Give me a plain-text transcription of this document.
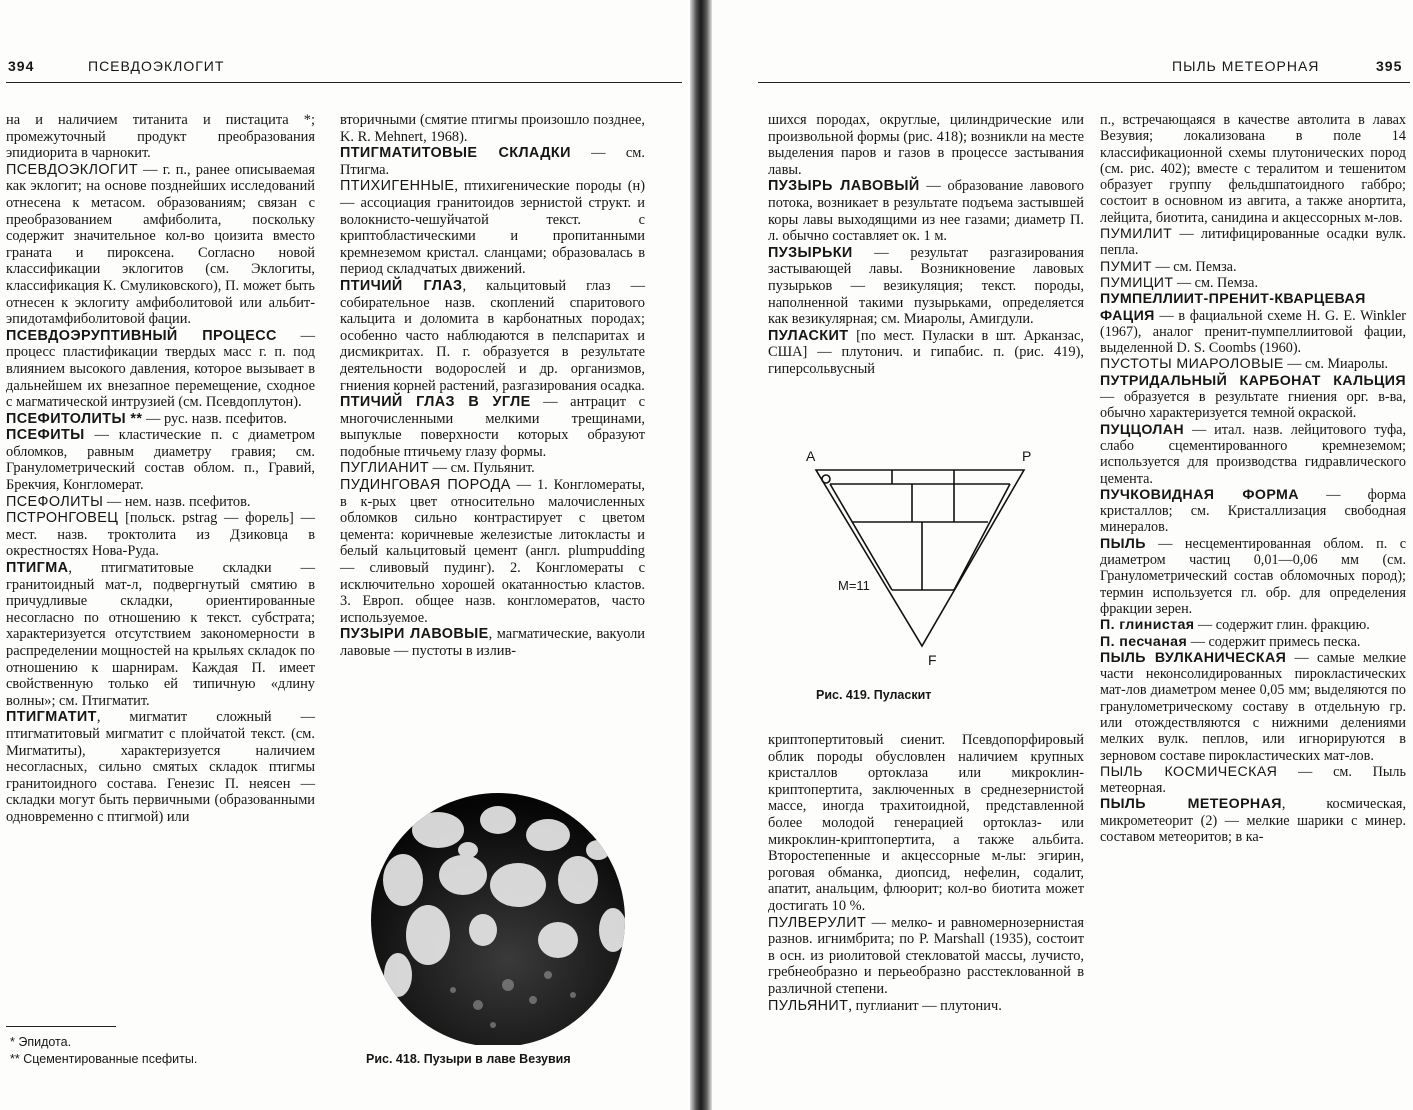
394	ПСЕВДОЭКЛОГИТ

на и наличием титанита и пистацита *; промежуточный продукт преобразования эпидиорита в чарнокит.

ПСЕВДОЭКЛОГИТ — г. п., ранее описываемая как эклогит; на основе позднейших исследований отнесена к метасом. образованиям; связан с преобразованием амфиболита, поскольку содержит значительное кол-во цоизита вместо граната и пироксена. Согласно новой классификации эклогитов (см. Эклогиты, классификация К. Смуликовского), П. может быть отнесен к эклогиту амфиболитовой или альбит-эпидотамфиболитовой фации.

ПСЕВДОЭРУПТИВНЫЙ ПРОЦЕСС — процесс пластификации твердых масс г. п. под влиянием высокого давления, которое вызывает в дальнейшем их внезапное перемещение, сходное с магматической интрузией (см. Псевдоплутон).

ПСЕФИТОЛИТЫ ** — рус. назв. псефитов.

ПСЕФИТЫ — кластические п. с диаметром обломков, равным диаметру гравия; см. Гранулометрический состав облом. п., Гравий, Брекчия, Конгломерат.

ПСЕФОЛИТЫ — нем. назв. псефитов.

ПСТРОНГОВЕЦ [польск. pstrag — форель] — мест. назв. троктолита из Дзиковца в окрестностях Нова-Руда.

ПТИГМА, птигматитовые складки — гранитоидный мат-л, подвергнутый смятию в причудливые складки, ориентированные несогласно по отношению к текст. субстрата; характеризуется отсутствием закономерности в распределении мощностей на крыльях складок по отношению к шарнирам. Каждая П. имеет свойственную только ей типичную «длину волны»; см. Птигматит.

ПТИГМАТИТ, мигматит сложный — птигматитовый мигматит с плойчатой текст. (см. Мигматиты), характеризуется наличием несогласных, сильно смятых складок птигмы гранитоидного состава. Генезис П. неясен — складки могут быть первичными (образованными одновременно с птигмой) или

вторичными (смятие птигмы произошло позднее, K. R. Mehnert, 1968).

ПТИГМАТИТОВЫЕ СКЛАДКИ — см. Птигма.

ПТИХИГЕННЫЕ, птихигенические породы (н) — ассоциация гранитоидов зернистой структ. и волокнисто-чешуйчатой текст. с криптобластическими и пропитанными кремнеземом кристал. сланцами; образовалась в период складчатых движений.

ПТИЧИЙ ГЛАЗ, кальцитовый глаз — собирательное назв. скоплений спаритового кальцита и доломита в карбонатных породах; особенно часто наблюдаются в пелспаритах и дисмикритах. П. г. образуется в результате деятельности водорослей и др. организмов, гниения корней растений, разгазирования осадка.

ПТИЧИЙ ГЛАЗ В УГЛЕ — антрацит с многочисленными мелкими трещинами, выпуклые поверхности которых образуют подобные птичьему глазу формы.

ПУГЛИАНИТ — см. Пульянит.

ПУДИНГОВАЯ ПОРОДА — 1. Конгломераты, в к-рых цвет относительно малочисленных обломков сильно контрастирует с цветом цемента: коричневые железистые литокласты и белый кальцитовый цемент (англ. plumpudding — сливовый пудинг). 2. Конгломераты с исключительно хорошей окатанностью кластов. 3. Европ. общее назв. конгломератов, часто используемое.

ПУЗЫРИ ЛАВОВЫЕ, магматические, вакуоли лавовые — пустоты в излив-

Рис. 418. Пузыри в лаве Везувия
* Эпидота.
** Сцементированные псефиты.
ПЫЛЬ МЕТЕОРНАЯ	395

шихся породах, округлые, цилиндрические или произвольной формы (рис. 418); возникли на месте выделения паров и газов в процессе застывания лавы.

ПУЗЫРЬ ЛАВОВЫЙ — образование лавового потока, возникает в результате подъема застывшей коры лавы выходящими из нее газами; диаметр П. л. обычно составляет ок. 1 м.

ПУЗЫРЬКИ — результат разгазирования застывающей лавы. Возникновение лавовых пузырьков — везикуляция; текст. породы, наполненной такими пузырьками, определяется как везикулярная; см. Миаролы, Амигдули.

ПУЛАСКИТ [по мест. Пулаcки в шт. Арканзас, США] — плутонич. и гипабис. п. (рис. 419), гиперсольвусный

A	P
F
M=11
Рис. 419. Пуласкит

криптопертитовый сиенит. Псевдопорфировый облик породы обусловлен наличием крупных кристаллов ортоклаза или микроклин-криптопертита, заключенных в среднезернистой массе, иногда трахитоидной, представленной более молодой генерацией ортоклаз- или микроклин-криптопертита, а также альбита. Второстепенные и акцессорные м-лы: эгирин, роговая обманка, диопсид, нефелин, содалит, апатит, анальцим, флюорит; кол-во биотита может достигать 10 %.

ПУЛВЕРУЛИТ — мелко- и равномернозернистая разнов. игнимбрита; по P. Marshall (1935), состоит в осн. из риолитовой стекловатой массы, лучисто, гребнеобразно и перьеобразно расстеклованной в различной степени.

ПУЛЬЯНИТ, пуглианит — плутонич.

п., встречающаяся в качестве автолита в лавах Везувия; локализована в поле 14 классификационной схемы плутонических пород (см. рис. 402); вместе с тералитом и тешенитом образует группу фельдшпатоидного габбро; состоит в основном из авгита, а также анортита, лейцита, биотита, санидина и акцессорных м-лов.

ПУМИЛИТ — литифицированные осадки вулк. пепла.

ПУМИТ — см. Пемза.

ПУМИЦИТ — см. Пемза.

ПУМПЕЛЛИИТ-ПРЕНИТ-КВАРЦЕВАЯ ФАЦИЯ — в фациальной схеме H. G. E. Winkler (1967), аналог пренит-пумпеллиитовой фации, выделенной D. S. Coombs (1960).

ПУСТОТЫ МИАРОЛОВЫЕ — см. Миаролы.

ПУТРИДАЛЬНЫЙ КАРБОНАТ КАЛЬЦИЯ — образуется в результате гниения орг. в-ва, обычно характеризуется темной окраской.

ПУЦЦОЛАН — итал. назв. лейцитового туфа, слабо сцементированного кремнеземом; используется для производства гидравлического цемента.

ПУЧКОВИДНАЯ ФОРМА — форма кристаллов; см. Кристаллизация свободная минералов.

ПЫЛЬ — несцементированная облом. п. с диаметром частиц 0,01—0,06 мм (см. Гранулометрический состав обломочных пород); термин используется гл. обр. для определения фракции зерен.

П. глинистая — содержит глин. фракцию.

П. песчаная — содержит примесь песка.

ПЫЛЬ ВУЛКАНИЧЕСКАЯ — самые мелкие части неконсолидированных пирокластических мат-лов диаметром менее 0,05 мм; выделяются по гранулометрическому составу в отдельную гр. или отождествляются с нижними делениями мелких вулк. пеплов, или игнорируются в зерновом составе пирокластических мат-лов.

ПЫЛЬ КОСМИЧЕСКАЯ — см. Пыль метеорная.

ПЫЛЬ МЕТЕОРНАЯ, космическая, микрометеорит (2) — мелкие шарики с минер. составом метеоритов; в ка-
